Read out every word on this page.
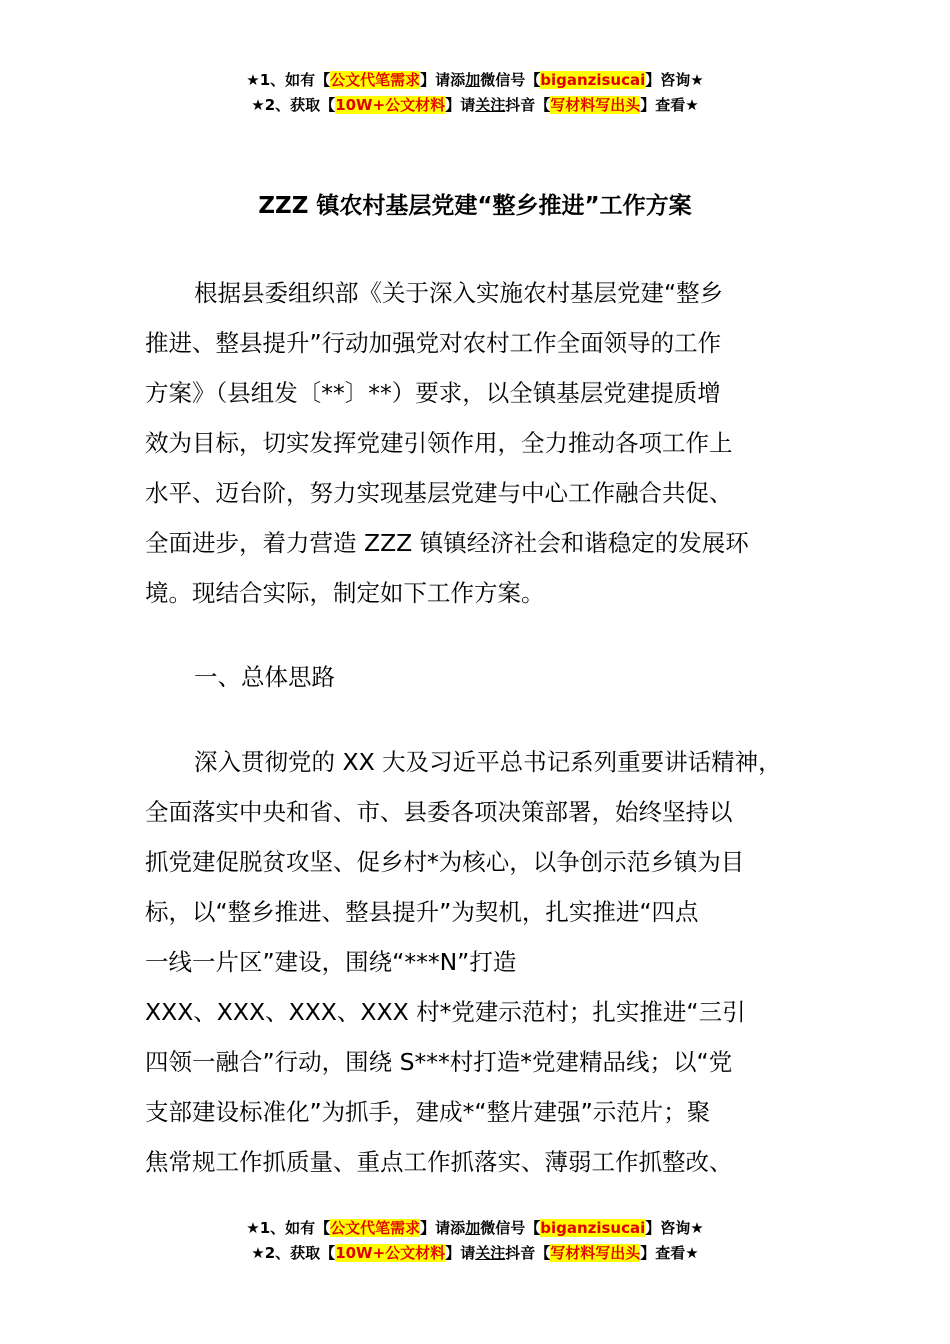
★1、如有【公文代笔需求】请添加微信号【biganzisucai】咨询★
★2、获取【10W+公文材料】请关注抖音【写材料写出头】查看★
ZZZ 镇农村基层党建“整乡推进”工作方案
根据县委组织部《关于深入实施农村基层党建“整乡
推进、整县提升”行动加强党对农村工作全面领导的工作
方案》（县组发〔**〕**）要求，以全镇基层党建提质增
效为目标，切实发挥党建引领作用，全力推动各项工作上
水平、迈台阶，努力实现基层党建与中心工作融合共促、
全面进步，着力营造 ZZZ 镇镇经济社会和谐稳定的发展环
境。现结合实际，制定如下工作方案。
一、总体思路
深入贯彻党的 XX 大及习近平总书记系列重要讲话精神，
全面落实中央和省、市、县委各项决策部署，始终坚持以
抓党建促脱贫攻坚、促乡村*为核心，以争创示范乡镇为目
标，以“整乡推进、整县提升”为契机，扎实推进“四点
一线一片区”建设，围绕“***N”打造
XXX、XXX、XXX、XXX 村*党建示范村；扎实推进“三引
四领一融合”行动，围绕 S***村打造*党建精品线；以“党
支部建设标准化”为抓手，建成*“整片建强”示范片；聚
焦常规工作抓质量、重点工作抓落实、薄弱工作抓整改、
★1、如有【公文代笔需求】请添加微信号【biganzisucai】咨询★
★2、获取【10W+公文材料】请关注抖音【写材料写出头】查看★
